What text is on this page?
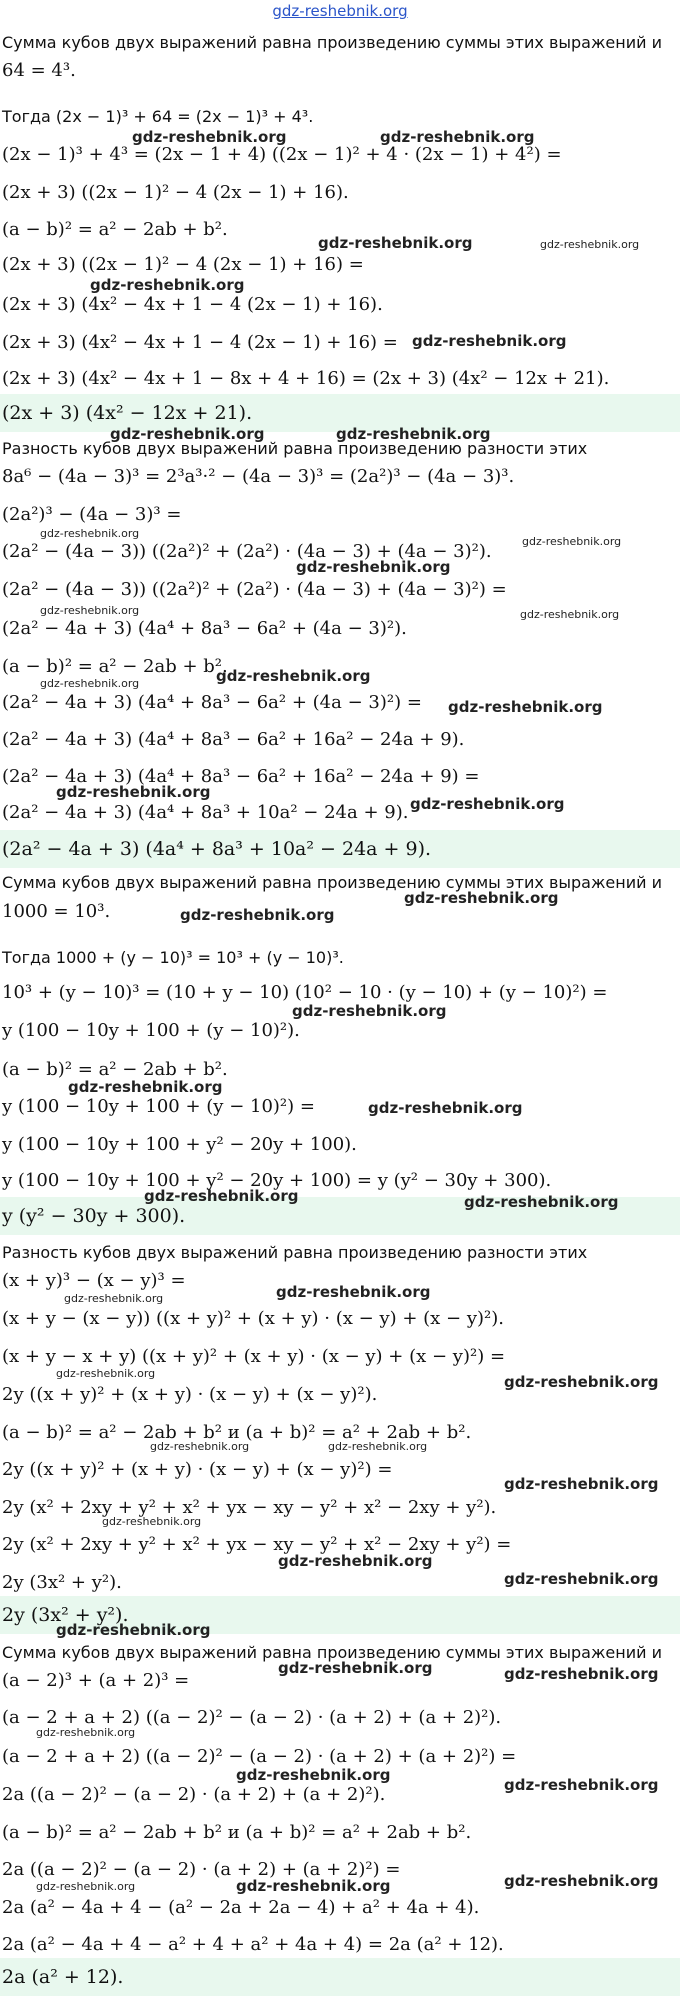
gdz-reshebnik.org
Сумма кубов двух выражений равна произведению суммы этих выражений и
64 = 4³.
Тогда (2x − 1)³ + 64 = (2x − 1)³ + 4³.
(2x − 1)³ + 4³ = (2x − 1 + 4) ((2x − 1)² + 4 · (2x − 1) + 4²) =
(2x + 3) ((2x − 1)² − 4 (2x − 1) + 16).
(a − b)² = a² − 2ab + b².
(2x + 3) ((2x − 1)² − 4 (2x − 1) + 16) =
(2x + 3) (4x² − 4x + 1 − 4 (2x − 1) + 16).
(2x + 3) (4x² − 4x + 1 − 4 (2x − 1) + 16) =
(2x + 3) (4x² − 4x + 1 − 8x + 4 + 16) = (2x + 3) (4x² − 12x + 21).
Разность кубов двух выражений равна произведению разности этих
8a⁶ − (4a − 3)³ = 2³a³·² − (4a − 3)³ = (2a²)³ − (4a − 3)³.
(2a²)³ − (4a − 3)³ =
(2a² − (4a − 3)) ((2a²)² + (2a²) · (4a − 3) + (4a − 3)²).
(2a² − (4a − 3)) ((2a²)² + (2a²) · (4a − 3) + (4a − 3)²) =
(2a² − 4a + 3) (4a⁴ + 8a³ − 6a² + (4a − 3)²).
(a − b)² = a² − 2ab + b².
(2a² − 4a + 3) (4a⁴ + 8a³ − 6a² + (4a − 3)²) =
(2a² − 4a + 3) (4a⁴ + 8a³ − 6a² + 16a² − 24a + 9).
(2a² − 4a + 3) (4a⁴ + 8a³ − 6a² + 16a² − 24a + 9) =
(2a² − 4a + 3) (4a⁴ + 8a³ + 10a² − 24a + 9).
Сумма кубов двух выражений равна произведению суммы этих выражений и
1000 = 10³.
Тогда 1000 + (y − 10)³ = 10³ + (y − 10)³.
10³ + (y − 10)³ = (10 + y − 10) (10² − 10 · (y − 10) + (y − 10)²) =
y (100 − 10y + 100 + (y − 10)²).
(a − b)² = a² − 2ab + b².
y (100 − 10y + 100 + (y − 10)²) =
y (100 − 10y + 100 + y² − 20y + 100).
y (100 − 10y + 100 + y² − 20y + 100) = y (y² − 30y + 300).
Разность кубов двух выражений равна произведению разности этих
(x + y)³ − (x − y)³ =
(x + y − (x − y)) ((x + y)² + (x + y) · (x − y) + (x − y)²).
(x + y − x + y) ((x + y)² + (x + y) · (x − y) + (x − y)²) =
2y ((x + y)² + (x + y) · (x − y) + (x − y)²).
(a − b)² = a² − 2ab + b² и (a + b)² = a² + 2ab + b².
2y ((x + y)² + (x + y) · (x − y) + (x − y)²) =
2y (x² + 2xy + y² + x² + yx − xy − y² + x² − 2xy + y²).
2y (x² + 2xy + y² + x² + yx − xy − y² + x² − 2xy + y²) =
2y (3x² + y²).
Сумма кубов двух выражений равна произведению суммы этих выражений и
(a − 2)³ + (a + 2)³ =
(a − 2 + a + 2) ((a − 2)² − (a − 2) · (a + 2) + (a + 2)²).
(a − 2 + a + 2) ((a − 2)² − (a − 2) · (a + 2) + (a + 2)²) =
2a ((a − 2)² − (a − 2) · (a + 2) + (a + 2)²).
(a − b)² = a² − 2ab + b² и (a + b)² = a² + 2ab + b².
2a ((a − 2)² − (a − 2) · (a + 2) + (a + 2)²) =
2a (a² − 4a + 4 − (a² − 2a + 2a − 4) + a² + 4a + 4).
2a (a² − 4a + 4 − a² + 4 + a² + 4a + 4) = 2a (a² + 12).
(2x + 3) (4x² − 12x + 21).
(2a² − 4a + 3) (4a⁴ + 8a³ + 10a² − 24a + 9).
y (y² − 30y + 300).
2y (3x² + y²).
2a (a² + 12).
gdz-reshebnik.org	gdz-reshebnik.org
gdz-reshebnik.org	gdz-reshebnik.org
gdz-reshebnik.org
gdz-reshebnik.org
gdz-reshebnik.org	gdz-reshebnik.org
gdz-reshebnik.org
gdz-reshebnik.org
gdz-reshebnik.org
gdz-reshebnik.org	gdz-reshebnik.org
gdz-reshebnik.org	gdz-reshebnik.org
gdz-reshebnik.org
gdz-reshebnik.org
gdz-reshebnik.org
gdz-reshebnik.org
gdz-reshebnik.org
gdz-reshebnik.org
gdz-reshebnik.org
gdz-reshebnik.org
gdz-reshebnik.org	gdz-reshebnik.org
gdz-reshebnik.org
gdz-reshebnik.org
gdz-reshebnik.org	gdz-reshebnik.org
gdz-reshebnik.org	gdz-reshebnik.org
gdz-reshebnik.org
gdz-reshebnik.org
gdz-reshebnik.org
gdz-reshebnik.org
gdz-reshebnik.org
gdz-reshebnik.org	gdz-reshebnik.org
gdz-reshebnik.org
gdz-reshebnik.org
gdz-reshebnik.org
gdz-reshebnik.org	gdz-reshebnik.org	gdz-reshebnik.org
